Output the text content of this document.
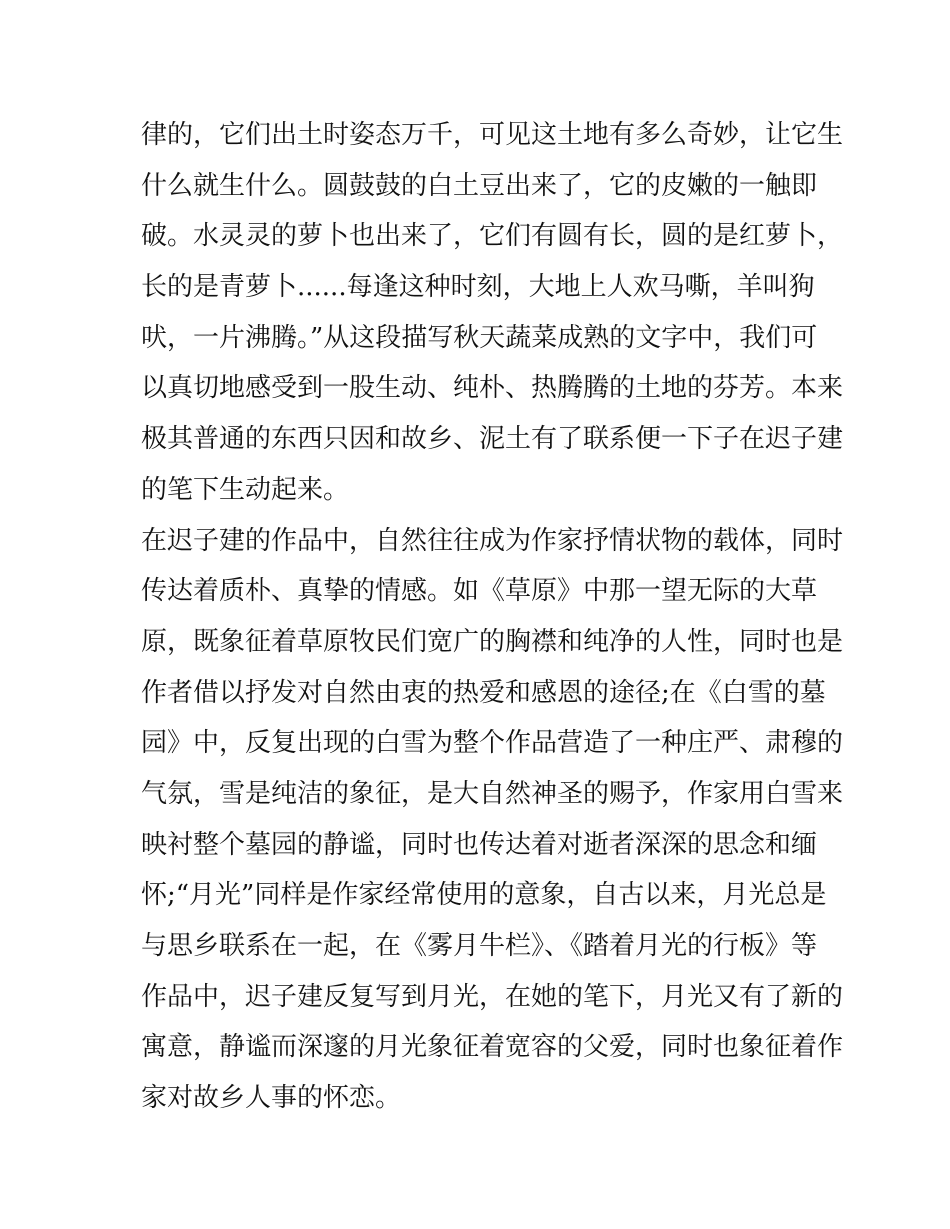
律的，它们出土时姿态万千，可见这土地有多么奇妙，让它生
什么就生什么。圆鼓鼓的白土豆出来了，它的皮嫩的一触即
破。水灵灵的萝卜也出来了，它们有圆有长，圆的是红萝卜，
长的是青萝卜......每逢这种时刻，大地上人欢马嘶，羊叫狗
吠，一片沸腾。”从这段描写秋天蔬菜成熟的文字中，我们可
以真切地感受到一股生动、纯朴、热腾腾的土地的芬芳。本来
极其普通的东西只因和故乡、泥土有了联系便一下子在迟子建
的笔下生动起来。
在迟子建的作品中，自然往往成为作家抒情状物的载体，同时
传达着质朴、真挚的情感。如《草原》中那一望无际的大草
原，既象征着草原牧民们宽广的胸襟和纯净的人性，同时也是
作者借以抒发对自然由衷的热爱和感恩的途径;在《白雪的墓
园》中，反复出现的白雪为整个作品营造了一种庄严、肃穆的
气氛，雪是纯洁的象征，是大自然神圣的赐予，作家用白雪来
映衬整个墓园的静谧，同时也传达着对逝者深深的思念和缅
怀;“月光”同样是作家经常使用的意象，自古以来，月光总是
与思乡联系在一起，在《雾月牛栏》、《踏着月光的行板》等
作品中，迟子建反复写到月光，在她的笔下，月光又有了新的
寓意，静谧而深邃的月光象征着宽容的父爱，同时也象征着作
家对故乡人事的怀恋。
